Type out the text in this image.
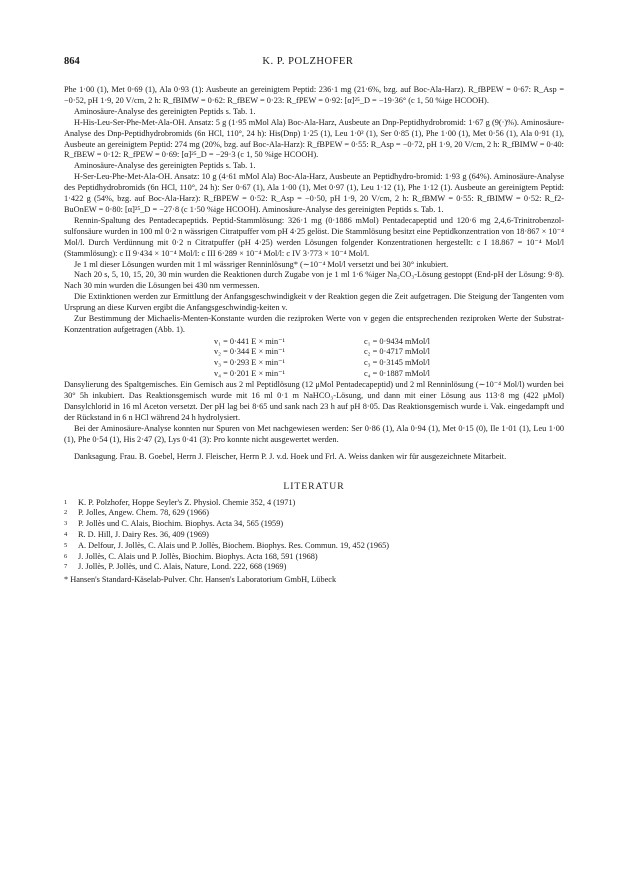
864	K. P. POLZHOFER

Phe 1·00 (1), Met 0·69 (1), Ala 0·93 (1): Ausbeute an gereinigtem Peptid: 236·1 mg (21·6%, bzg. auf Boc-Ala-Harz). R_fBPEW = 0·67: R_Asp = −0·52, pH 1·9, 20 V/cm, 2 h: R_fBIMW = 0·62: R_fBEW = 0·23: R_fPEW = 0·92: [α]²⁵_D = −19·36° (c 1, 50 %ige HCOOH).

Aminosäure-Analyse des gereinigten Peptids s. Tab. 1.

H-His-Leu-Ser-Phe-Met-Ala-OH. Ansatz: 5 g (1·95 mMol Ala) Boc-Ala-Harz, Ausbeute an Dnp-Peptidhydrobromid: 1·67 g (9(·)%). Aminosäure-Analyse des Dnp-Peptidhydrobromids (6n HCl, 110°, 24 h): His(Dnp) 1·25 (1), Leu 1·0² (1), Ser 0·85 (1), Phe 1·00 (1), Met 0·56 (1), Ala 0·91 (1), Ausbeute an gereinigtem Peptid: 274 mg (20%, bzg. auf Boc-Ala-Harz): R_fBPEW = 0·55: R_Asp = −0·72, pH 1·9, 20 V/cm, 2 h: R_fBIMW = 0·40: R_fBEW = 0·12: R_fPEW = 0·69: [α]²⁵_D = −29·3 (c 1, 50 %ige HCOOH).

Aminosäure-Analyse des gereinigten Peptids s. Tab. 1.

H-Ser-Leu-Phe-Met-Ala-OH. Ansatz: 10 g (4·61 mMol Ala) Boc-Ala-Harz, Ausbeute an Peptidhydro-bromid: 1·93 g (64%). Aminosäure-Analyse des Peptidhydrobromids (6n HCl, 110°, 24 h): Ser 0·67 (1), Ala 1·00 (1), Met 0·97 (1), Leu 1·12 (1), Phe 1·12 (1). Ausbeute an gereinigtem Peptid: 1·422 g (54%, bzg. auf Boc-Ala-Harz): R_fBPEW = 0·52: R_Asp = −0·50, pH 1·9, 20 V/cm, 2 h: R_fBMW = 0·55: R_fBIMW = 0·52: R_f2-BuOnEW = 0·80: [α]²⁵_D = −27·8 (c 1·50 %ige HCOOH). Aminosäure-Analyse des gereinigten Peptids s. Tab. 1.

Rennin-Spaltung des Pentadecapeptids. Peptid-Stammlösung: 326·1 mg (0·1886 mMol) Pentadecapeptid und 120·6 mg 2,4,6-Trinitrobenzol-sulfonsäure wurden in 100 ml 0·2 n wässrigen Citratpuffer vom pH 4·25 gelöst. Die Stammlösung besitzt eine Peptidkonzentration von 18·867 × 10⁻⁴ Mol/l. Durch Verdünnung mit 0·2 n Citratpuffer (pH 4·25) werden Lösungen folgender Konzentrationen hergestellt: c I 18.867 = 10⁻⁴ Mol/l (Stammlösung): c II 9·434 × 10⁻⁴ Mol/l: c III 6·289 × 10⁻⁴ Mol/l: c IV 3·773 × 10⁻⁴ Mol/l.

Je 1 ml dieser Lösungen wurden mit 1 ml wässriger Renninlösung* (∼10⁻⁴ Mol/l versetzt und bei 30° inkubiert.

Nach 20 s, 5, 10, 15, 20, 30 min wurden die Reaktionen durch Zugabe von je 1 ml 1·6 %iger Na₂CO₃-Lösung gestoppt (End-pH der Lösung: 9·8). Nach 30 min wurden die Lösungen bei 430 nm vermessen.

Die Extinktionen werden zur Ermittlung der Anfangsgeschwindigkeit v der Reaktion gegen die Zeit aufgetragen. Die Steigung der Tangenten vom Ursprung an diese Kurven ergibt die Anfangsgeschwindig-keiten v.

Zur Bestimmung der Michaelis-Menten-Konstante wurden die reziproken Werte von v gegen die entsprechenden reziproken Werte der Substrat-Konzentration aufgetragen (Abb. 1).

v₁ = 0·441 E × min⁻¹	c₁ = 0·9434 mMol/l
v₂ = 0·344 E × min⁻¹	c₂ = 0·4717 mMol/l
v₃ = 0·293 E × min⁻¹	c₃ = 0·3145 mMol/l
v₄ = 0·201 E × min⁻¹	c₄ = 0·1887 mMol/l

Dansylierung des Spaltgemisches. Ein Gemisch aus 2 ml Peptidlösung (12 μMol Pentadecapeptid) und 2 ml Renninlösung (∼10⁻⁴ Mol/l) wurden bei 30° 5h inkubiert. Das Reaktionsgemisch wurde mit 16 ml 0·1 m NaHCO₃-Lösung, und dann mit einer Lösung aus 113·8 mg (422 μMol) Dansylchlorid in 16 ml Aceton versetzt. Der pH lag bei 8·65 und sank nach 23 h auf pH 8·05. Das Reaktionsgemisch wurde i. Vak. eingedampft und der Rückstand in 6 n HCl während 24 h hydrolysiert.

Bei der Aminosäure-Analyse konnten nur Spuren von Met nachgewiesen werden: Ser 0·86 (1), Ala 0·94 (1), Met 0·15 (0), Ile 1·01 (1), Leu 1·00 (1), Phe 0·54 (1), His 2·47 (2), Lys 0·41 (3): Pro konnte nicht ausgewertet werden.

Danksagung. Frau. B. Goebel, Herrn J. Fleischer, Herrn P. J. v.d. Hoek und Frl. A. Weiss danken wir für ausgezeichnete Mitarbeit.

LITERATUR
1	K. P. Polzhofer, Hoppe Seyler's Z. Physiol. Chemie 352, 4 (1971)
2	P. Jolles, Angew. Chem. 78, 629 (1966)
3	P. Jollès und C. Alais, Biochim. Biophys. Acta 34, 565 (1959)
4	R. D. Hill, J. Dairy Res. 36, 409 (1969)
5	A. Delfour, J. Jollès, C. Alais und P. Jollès, Biochem. Biophys. Res. Commun. 19, 452 (1965)
6	J. Jollès, C. Alais und P. Jollès, Biochim. Biophys. Acta 168, 591 (1968)
7	J. Jollès, P. Jollès, und C. Alais, Nature, Lond. 222, 668 (1969)
* Hansen's Standard-Käselab-Pulver. Chr. Hansen's Laboratorium GmbH, Lübeck
